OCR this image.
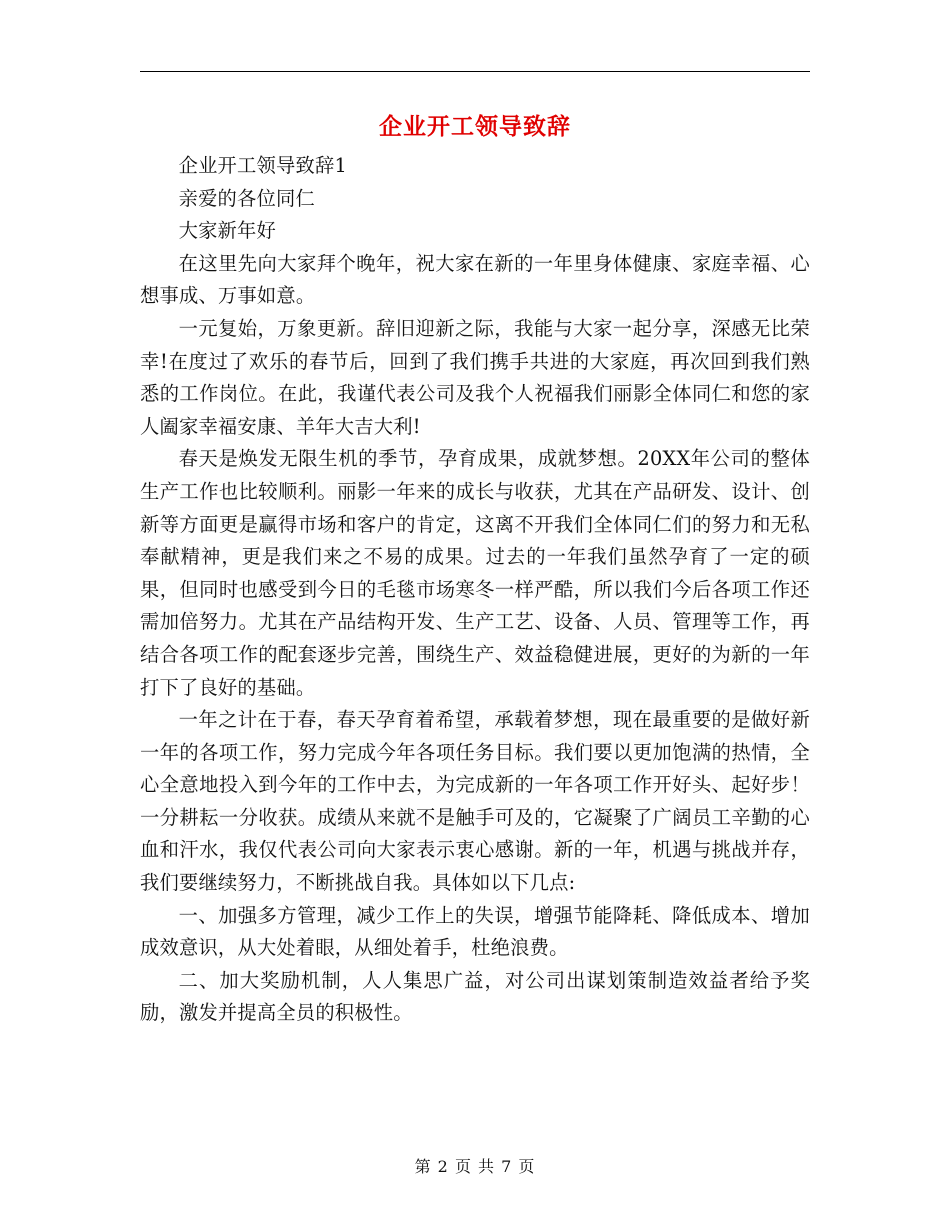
企业开工领导致辞

企业开工领导致辞1

亲爱的各位同仁

大家新年好

在这里先向大家拜个晚年，祝大家在新的一年里身体健康、家庭幸福、心想事成、万事如意。

一元复始，万象更新。辞旧迎新之际，我能与大家一起分享，深感无比荣幸!在度过了欢乐的春节后，回到了我们携手共进的大家庭，再次回到我们熟悉的工作岗位。在此，我谨代表公司及我个人祝福我们丽影全体同仁和您的家人阖家幸福安康、羊年大吉大利!

春天是焕发无限生机的季节，孕育成果，成就梦想。20XX年公司的整体生产工作也比较顺利。丽影一年来的成长与收获，尤其在产品研发、设计、创新等方面更是赢得市场和客户的肯定，这离不开我们全体同仁们的努力和无私奉献精神，更是我们来之不易的成果。过去的一年我们虽然孕育了一定的硕果，但同时也感受到今日的毛毯市场寒冬一样严酷，所以我们今后各项工作还需加倍努力。尤其在产品结构开发、生产工艺、设备、人员、管理等工作，再结合各项工作的配套逐步完善，围绕生产、效益稳健进展，更好的为新的一年打下了良好的基础。

一年之计在于春，春天孕育着希望，承载着梦想，现在最重要的是做好新一年的各项工作，努力完成今年各项任务目标。我们要以更加饱满的热情，全心全意地投入到今年的工作中去，为完成新的一年各项工作开好头、起好步！一分耕耘一分收获。成绩从来就不是触手可及的，它凝聚了广阔员工辛勤的心血和汗水，我仅代表公司向大家表示衷心感谢。新的一年，机遇与挑战并存，我们要继续努力，不断挑战自我。具体如以下几点:

一、加强多方管理，减少工作上的失误，增强节能降耗、降低成本、增加成效意识，从大处着眼，从细处着手，杜绝浪费。

二、加大奖励机制，人人集思广益，对公司出谋划策制造效益者给予奖励，激发并提高全员的积极性。

第 2 页 共 7 页
